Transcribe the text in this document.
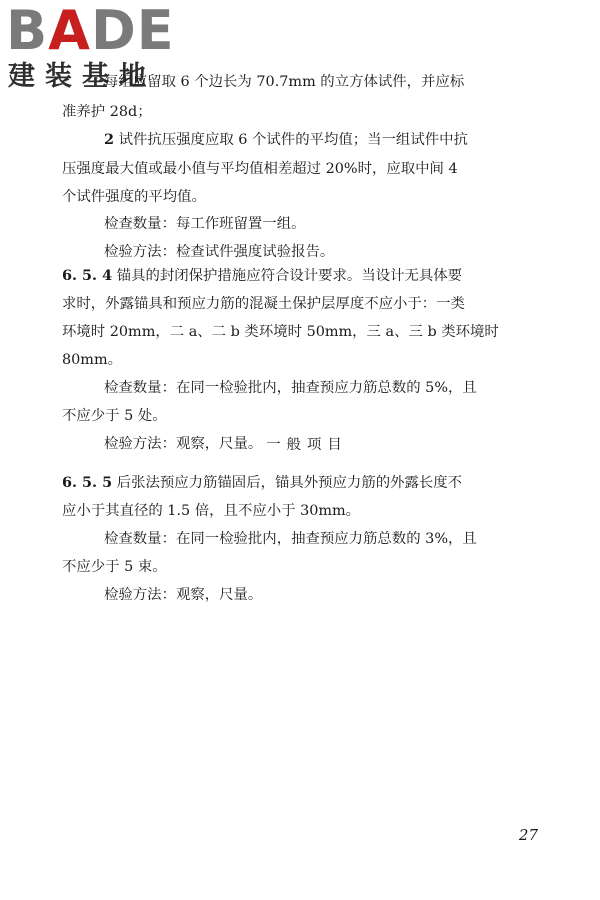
BADE
建装基地
每组应留取 6 个边长为 70.7mm 的立方体试件，并应标
准养护 28d；
2 试件抗压强度应取 6 个试件的平均值；当一组试件中抗
压强度最大值或最小值与平均值相差超过 20%时，应取中间 4
个试件强度的平均值。
检查数量：每工作班留置一组。
检验方法：检查试件强度试验报告。
6. 5. 4 锚具的封闭保护措施应符合设计要求。当设计无具体要
求时，外露锚具和预应力筋的混凝土保护层厚度不应小于：一类
环境时 20mm，二 a、二 b 类环境时 50mm，三 a、三 b 类环境时
80mm。
检查数量：在同一检验批内，抽查预应力筋总数的 5%，且
不应少于 5 处。
检验方法：观察，尺量。 一般项目
6. 5. 5 后张法预应力筋锚固后，锚具外预应力筋的外露长度不
应小于其直径的 1.5 倍，且不应小于 30mm。
检查数量：在同一检验批内，抽查预应力筋总数的 3%，且
不应少于 5 束。
检验方法：观察，尺量。
27
